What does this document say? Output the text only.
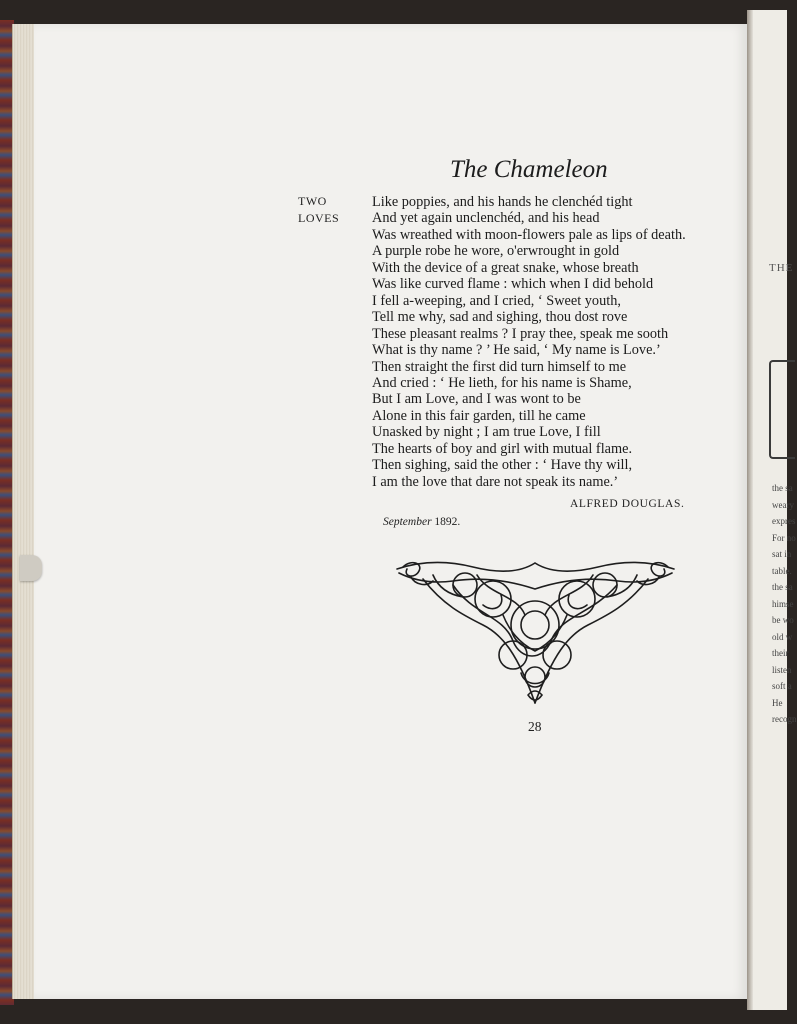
THE
the sa
weary
expres
For no
sat in
table.
the sa
himse
be wo
old w
their
listen
soft a
He
recogn
The Chameleon
TWO
LOVES
Like poppies, and his hands he clenchéd tight
And yet again unclenchéd, and his head
Was wreathed with moon-flowers pale as lips of death.
A purple robe he wore, o'erwrought in gold
With the device of a great snake, whose breath
Was like curved flame : which when I did behold
I fell a-weeping, and I cried, ‘ Sweet youth,
Tell me why, sad and sighing, thou dost rove
These pleasant realms ? I pray thee, speak me sooth
What is thy name ? ’ He said, ‘ My name is Love.’
Then straight the first did turn himself to me
And cried : ‘ He lieth, for his name is Shame,
But I am Love, and I was wont to be
Alone in this fair garden, till he came
Unasked by night ; I am true Love, I fill
The hearts of boy and girl with mutual flame.
Then sighing, said the other : ‘ Have thy will,
I am the love that dare not speak its name.’
ALFRED DOUGLAS.
September 1892.
28
